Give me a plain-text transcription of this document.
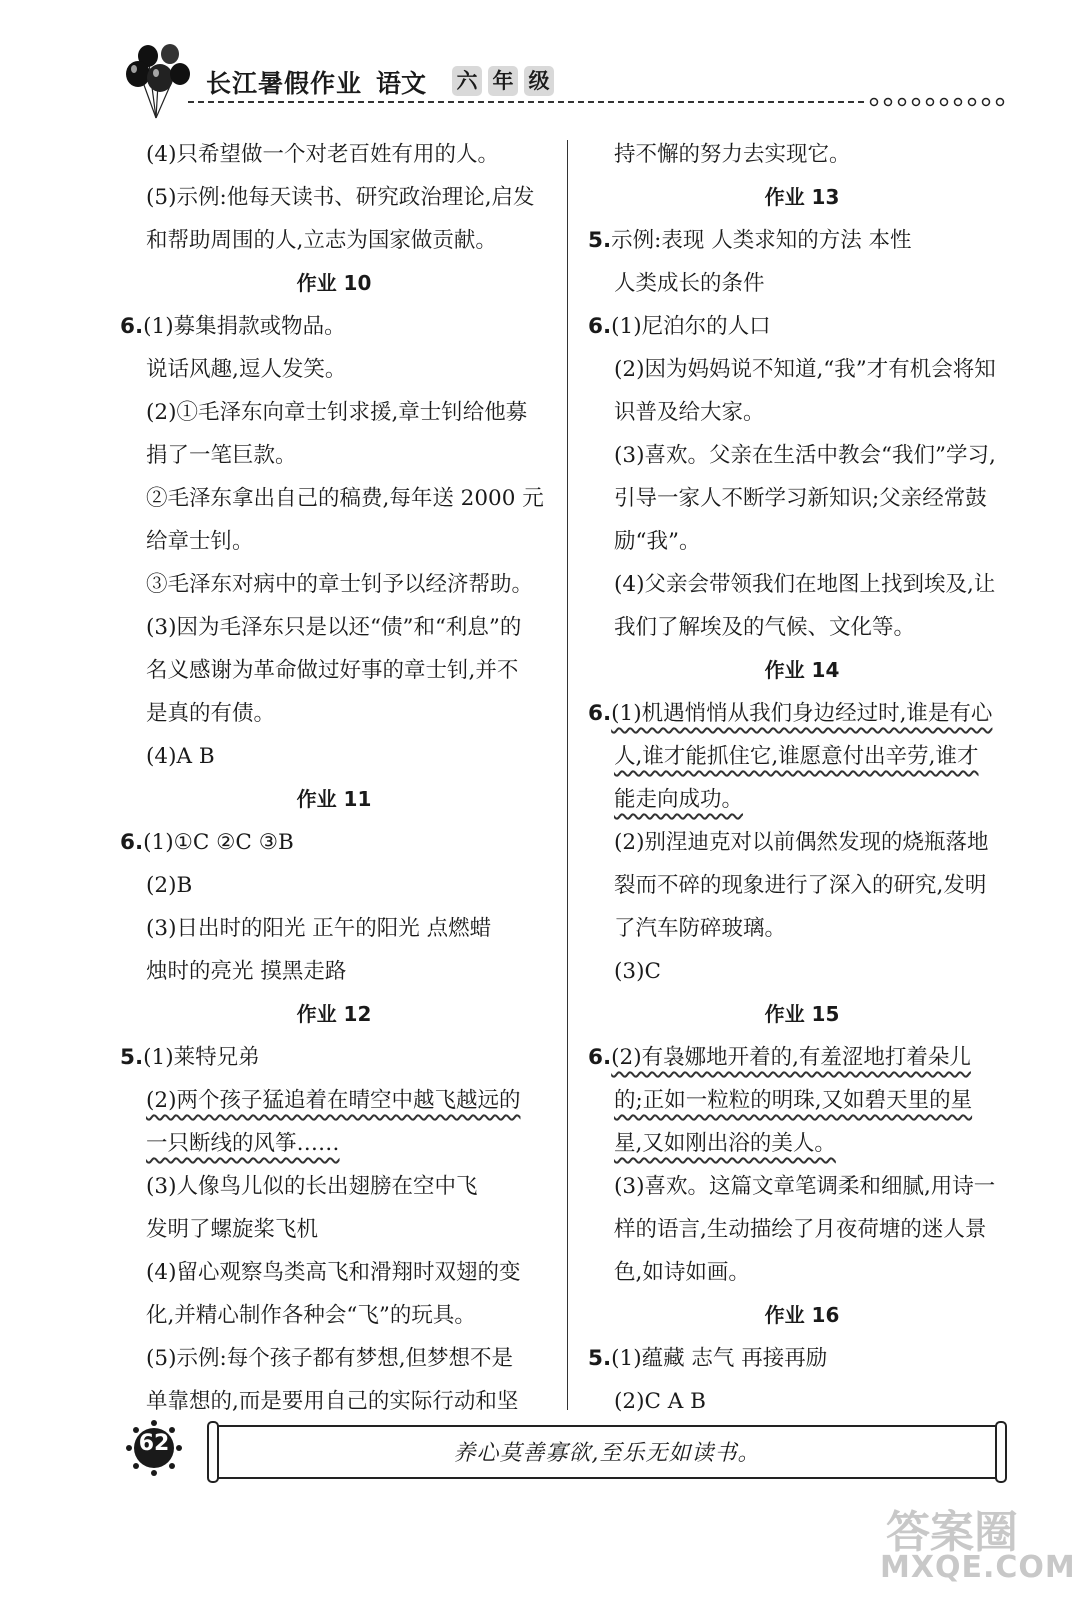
长江暑假作业 语文 六 年 级
(4)只希望做一个对老百姓有用的人。
(5)示例:他每天读书、研究政治理论,启发
和帮助周围的人,立志为国家做贡献。
作业 10
6.(1)募集捐款或物品。
说话风趣,逗人发笑。
(2)①毛泽东向章士钊求援,章士钊给他募
捐了一笔巨款。
②毛泽东拿出自己的稿费,每年送 2000 元
给章士钊。
③毛泽东对病中的章士钊予以经济帮助。
(3)因为毛泽东只是以还“债”和“利息”的
名义感谢为革命做过好事的章士钊,并不
是真的有债。
(4)A B
作业 11
6.(1)①C ②C ③B
(2)B
(3)日出时的阳光 正午的阳光 点燃蜡
烛时的亮光 摸黑走路
作业 12
5.(1)莱特兄弟
(2)两个孩子猛追着在晴空中越飞越远的
一只断线的风筝……
(3)人像鸟儿似的长出翅膀在空中飞
发明了螺旋桨飞机
(4)留心观察鸟类高飞和滑翔时双翅的变
化,并精心制作各种会“飞”的玩具。
(5)示例:每个孩子都有梦想,但梦想不是
单靠想的,而是要用自己的实际行动和坚
持不懈的努力去实现它。
作业 13
5.示例:表现 人类求知的方法 本性
人类成长的条件
6.(1)尼泊尔的人口
(2)因为妈妈说不知道,“我”才有机会将知
识普及给大家。
(3)喜欢。父亲在生活中教会“我们”学习,
引导一家人不断学习新知识;父亲经常鼓
励“我”。
(4)父亲会带领我们在地图上找到埃及,让
我们了解埃及的气候、文化等。
作业 14
6.(1)机遇悄悄从我们身边经过时,谁是有心
人,谁才能抓住它,谁愿意付出辛劳,谁才
能走向成功。
(2)别涅迪克对以前偶然发现的烧瓶落地
裂而不碎的现象进行了深入的研究,发明
了汽车防碎玻璃。
(3)C
作业 15
6.(2)有袅娜地开着的,有羞涩地打着朵儿
的;正如一粒粒的明珠,又如碧天里的星
星,又如刚出浴的美人。
(3)喜欢。这篇文章笔调柔和细腻,用诗一
样的语言,生动描绘了月夜荷塘的迷人景
色,如诗如画。
作业 16
5.(1)蕴藏 志气 再接再励
(2)C A B
62	养心莫善寡欲,至乐无如读书。
答案圈
MXQE.COM
